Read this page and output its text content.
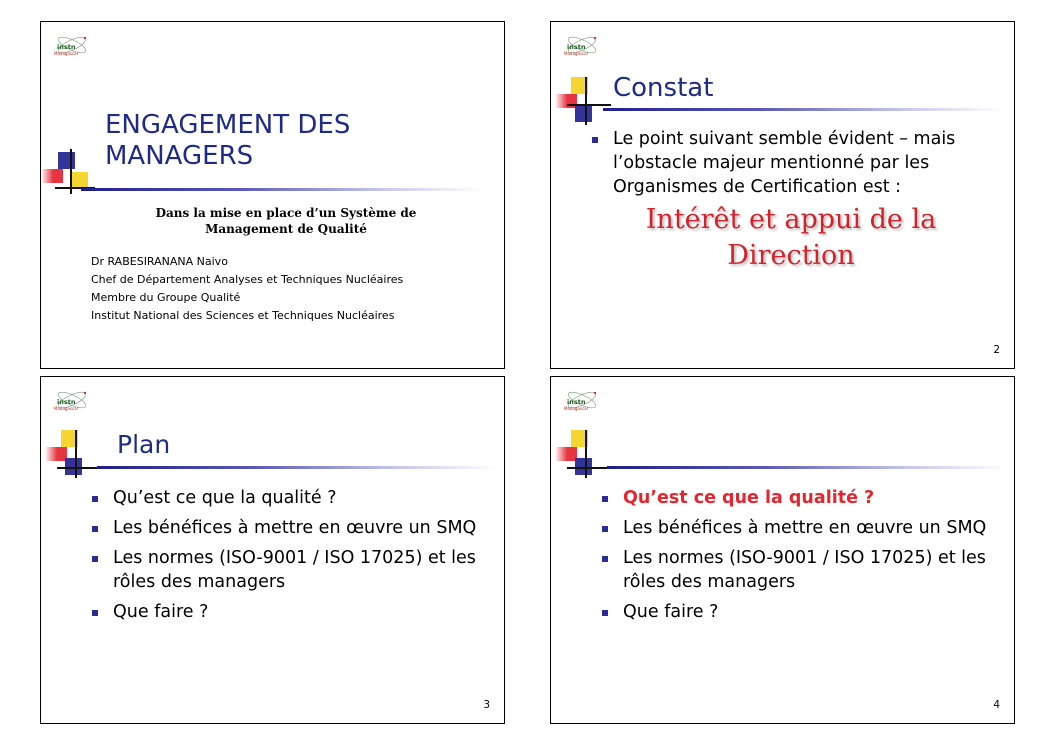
instn
Madagascar
ENGAGEMENT DES MANAGERS
Dans la mise en place d’un Système de Management de Qualité
Dr RABESIRANANA Naivo
Chef de Département Analyses et Techniques Nucléaires
Membre du Groupe Qualité
Institut National des Sciences et Techniques Nucléaires
instn
Madagascar
Constat
Le point suivant semble évident – mais l’obstacle majeur mentionné par les Organismes de Certification est :
Intérêt et appui de la Direction
2
instn
Madagascar
Plan
Qu’est ce que la qualité ?
Les bénéfices à mettre en œuvre un SMQ
Les normes (ISO-9001 / ISO 17025) et les rôles des managers
Que faire ?
3
instn
Madagascar
Qu’est ce que la qualité ?
Les bénéfices à mettre en œuvre un SMQ
Les normes (ISO-9001 / ISO 17025) et les rôles des managers
Que faire ?
4
